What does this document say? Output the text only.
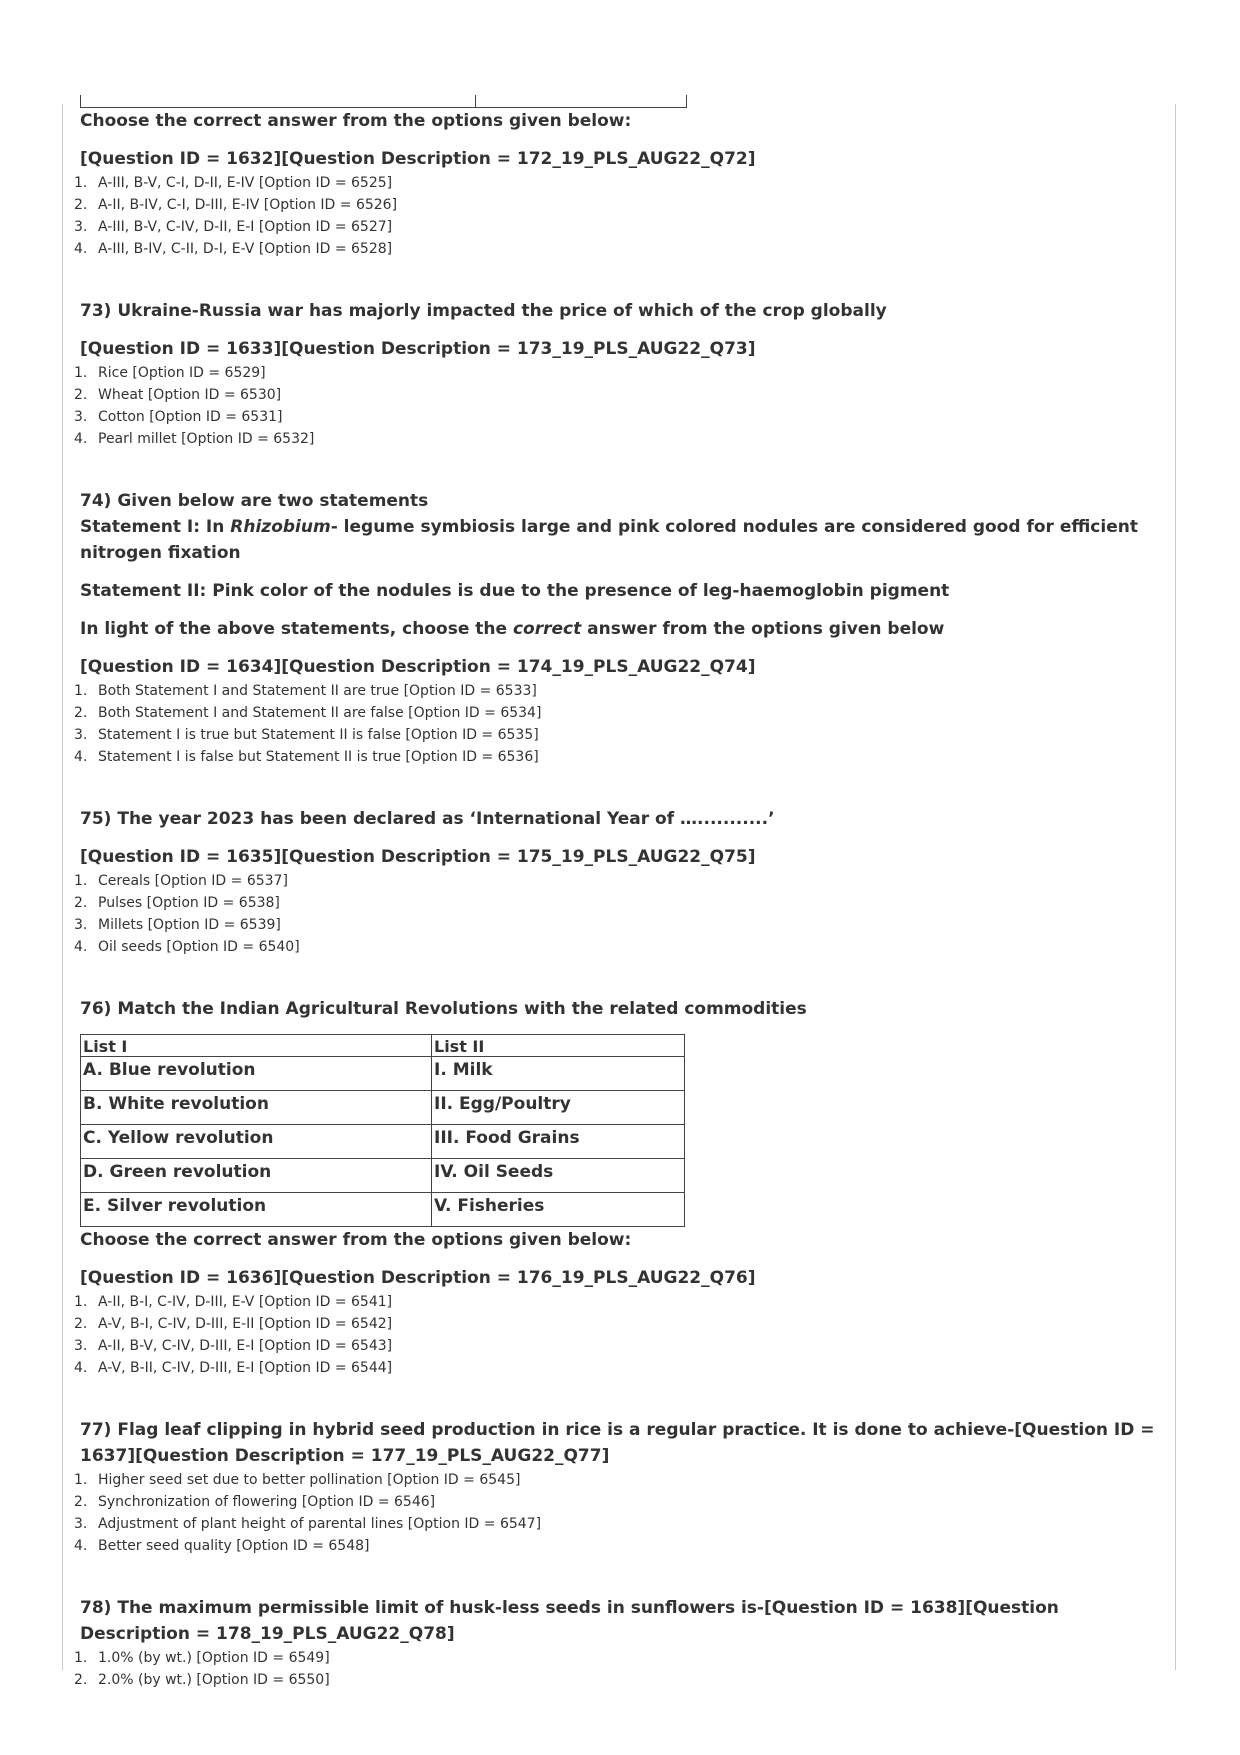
Choose the correct answer from the options given below:

[Question ID = 1632][Question Description = 172_19_PLS_AUG22_Q72]

1. A-III, B-V, C-I, D-II, E-IV [Option ID = 6525]
2. A-II, B-IV, C-I, D-III, E-IV [Option ID = 6526]
3. A-III, B-V, C-IV, D-II, E-I [Option ID = 6527]
4. A-III, B-IV, C-II, D-I, E-V [Option ID = 6528]

73) Ukraine-Russia war has majorly impacted the price of which of the crop globally

[Question ID = 1633][Question Description = 173_19_PLS_AUG22_Q73]

1. Rice [Option ID = 6529]
2. Wheat [Option ID = 6530]
3. Cotton [Option ID = 6531]
4. Pearl millet [Option ID = 6532]

74) Given below are two statements

Statement I: In Rhizobium- legume symbiosis large and pink colored nodules are considered good for efficient nitrogen fixation

Statement II: Pink color of the nodules is due to the presence of leg-haemoglobin pigment

In light of the above statements, choose the correct answer from the options given below

[Question ID = 1634][Question Description = 174_19_PLS_AUG22_Q74]

1. Both Statement I and Statement II are true [Option ID = 6533]
2. Both Statement I and Statement II are false [Option ID = 6534]
3. Statement I is true but Statement II is false [Option ID = 6535]
4. Statement I is false but Statement II is true [Option ID = 6536]

75) The year 2023 has been declared as ‘International Year of …...........’

[Question ID = 1635][Question Description = 175_19_PLS_AUG22_Q75]

1. Cereals [Option ID = 6537]
2. Pulses [Option ID = 6538]
3. Millets [Option ID = 6539]
4. Oil seeds [Option ID = 6540]

76) Match the Indian Agricultural Revolutions with the related commodities

List I	List II
A. Blue revolution	I. Milk
B. White revolution	II. Egg/Poultry
C. Yellow revolution	III. Food Grains
D. Green revolution	IV. Oil Seeds
E. Silver revolution	V. Fisheries

Choose the correct answer from the options given below:

[Question ID = 1636][Question Description = 176_19_PLS_AUG22_Q76]

1. A-II, B-I, C-IV, D-III, E-V [Option ID = 6541]
2. A-V, B-I, C-IV, D-III, E-II [Option ID = 6542]
3. A-II, B-V, C-IV, D-III, E-I [Option ID = 6543]
4. A-V, B-II, C-IV, D-III, E-I [Option ID = 6544]

77) Flag leaf clipping in hybrid seed production in rice is a regular practice. It is done to achieve-[Question ID = 1637][Question Description = 177_19_PLS_AUG22_Q77]

1. Higher seed set due to better pollination [Option ID = 6545]
2. Synchronization of flowering [Option ID = 6546]
3. Adjustment of plant height of parental lines [Option ID = 6547]
4. Better seed quality [Option ID = 6548]

78) The maximum permissible limit of husk-less seeds in sunflowers is-[Question ID = 1638][Question Description = 178_19_PLS_AUG22_Q78]

1. 1.0% (by wt.) [Option ID = 6549]
2. 2.0% (by wt.) [Option ID = 6550]
